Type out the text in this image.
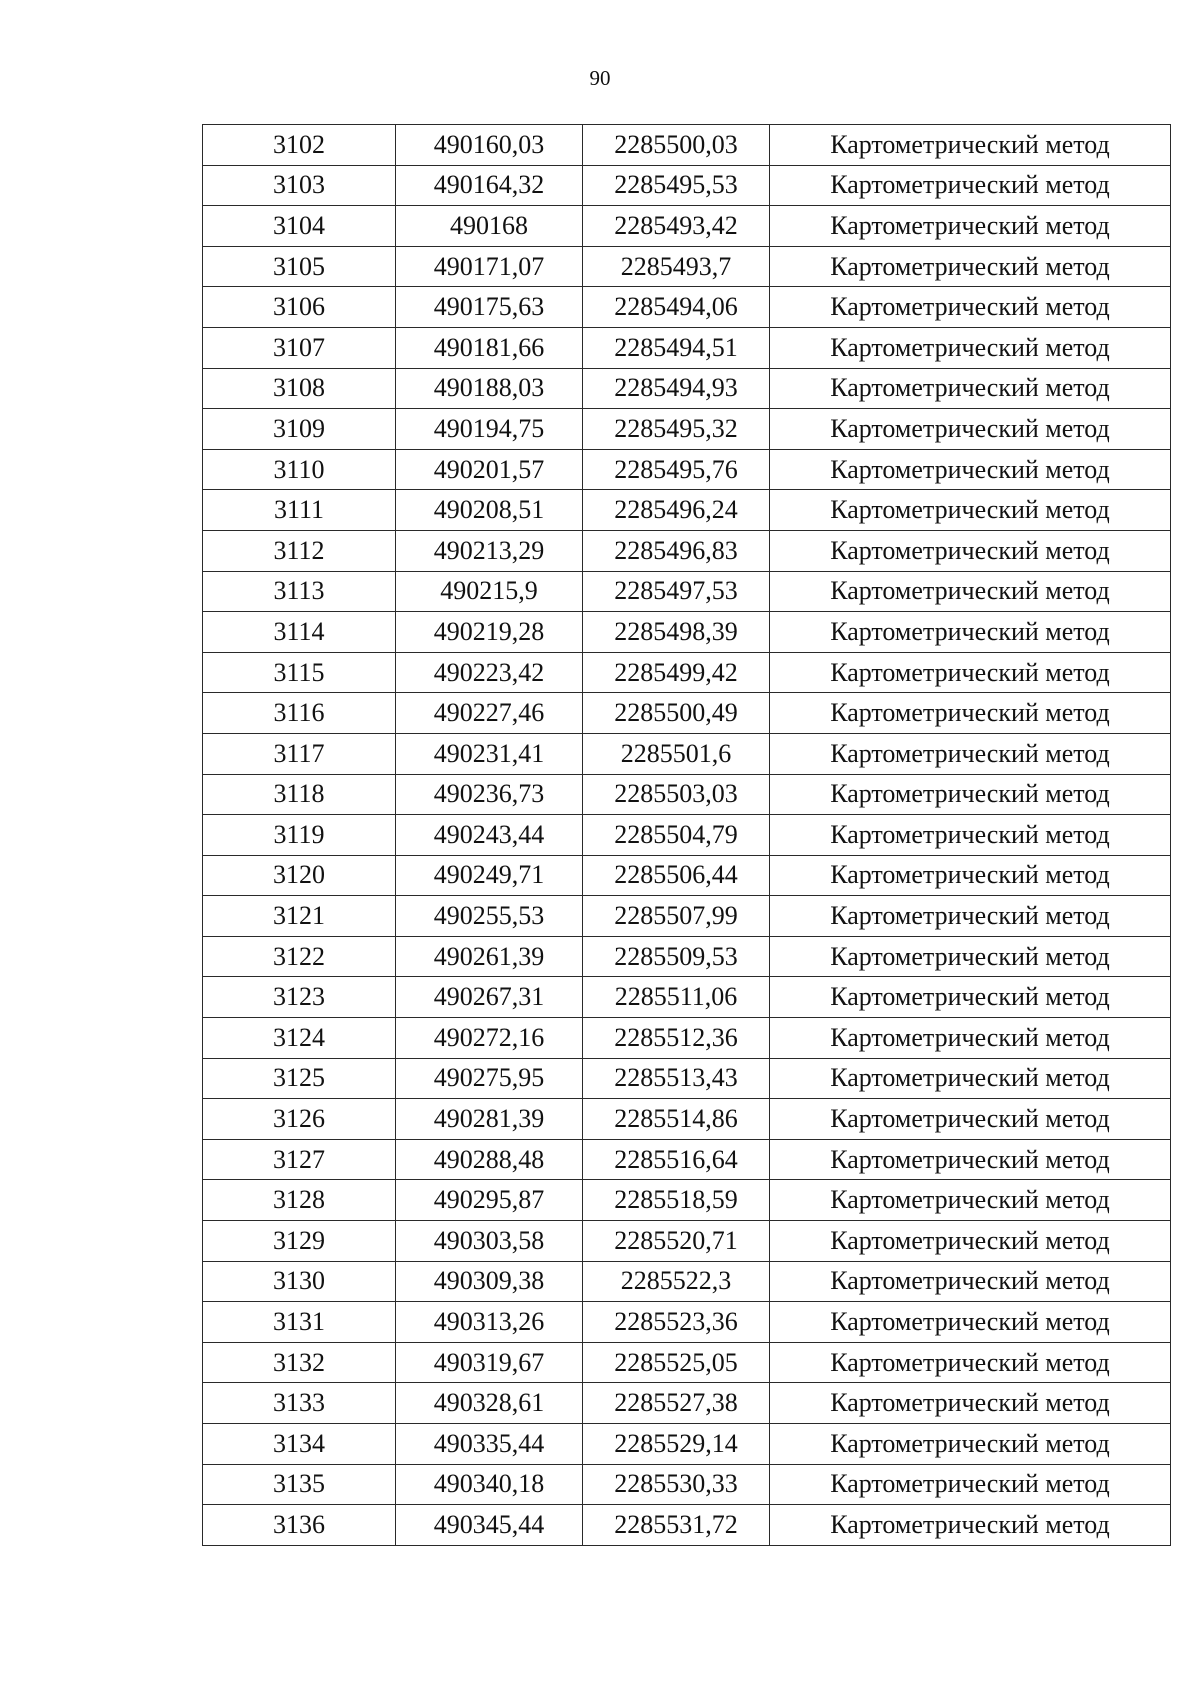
90
3102	490160,03	2285500,03	Картометрический метод
3103	490164,32	2285495,53	Картометрический метод
3104	490168	2285493,42	Картометрический метод
3105	490171,07	2285493,7	Картометрический метод
3106	490175,63	2285494,06	Картометрический метод
3107	490181,66	2285494,51	Картометрический метод
3108	490188,03	2285494,93	Картометрический метод
3109	490194,75	2285495,32	Картометрический метод
3110	490201,57	2285495,76	Картометрический метод
3111	490208,51	2285496,24	Картометрический метод
3112	490213,29	2285496,83	Картометрический метод
3113	490215,9	2285497,53	Картометрический метод
3114	490219,28	2285498,39	Картометрический метод
3115	490223,42	2285499,42	Картометрический метод
3116	490227,46	2285500,49	Картометрический метод
3117	490231,41	2285501,6	Картометрический метод
3118	490236,73	2285503,03	Картометрический метод
3119	490243,44	2285504,79	Картометрический метод
3120	490249,71	2285506,44	Картометрический метод
3121	490255,53	2285507,99	Картометрический метод
3122	490261,39	2285509,53	Картометрический метод
3123	490267,31	2285511,06	Картометрический метод
3124	490272,16	2285512,36	Картометрический метод
3125	490275,95	2285513,43	Картометрический метод
3126	490281,39	2285514,86	Картометрический метод
3127	490288,48	2285516,64	Картометрический метод
3128	490295,87	2285518,59	Картометрический метод
3129	490303,58	2285520,71	Картометрический метод
3130	490309,38	2285522,3	Картометрический метод
3131	490313,26	2285523,36	Картометрический метод
3132	490319,67	2285525,05	Картометрический метод
3133	490328,61	2285527,38	Картометрический метод
3134	490335,44	2285529,14	Картометрический метод
3135	490340,18	2285530,33	Картометрический метод
3136	490345,44	2285531,72	Картометрический метод
